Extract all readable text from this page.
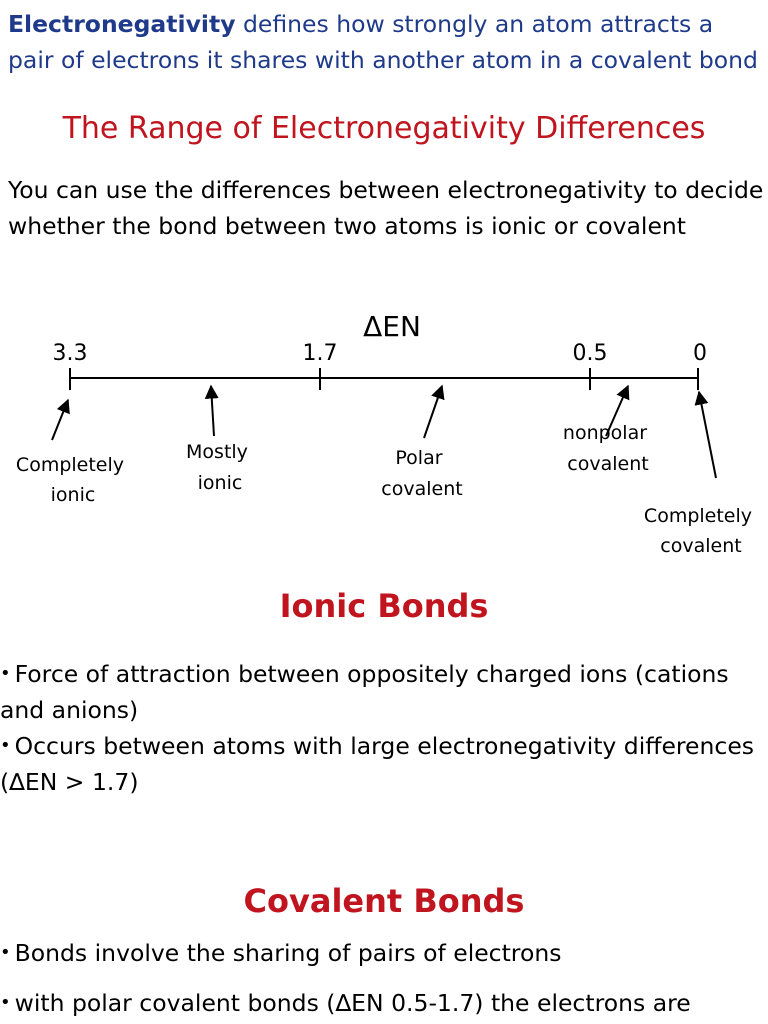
Electronegativity defines how strongly an atom attracts a pair of electrons it shares with another atom in a covalent bond

The Range of Electronegativity Differences

You can use the differences between electronegativity to decide whether the bond between two atoms is ionic or covalent

ΔEN
3.3	1.7	0.5	0
Completely ionic
Mostly ionic
Polar covalent
nonpolar covalent
Completely covalent
Ionic Bonds

• Force of attraction between oppositely charged ions (cations and anions)

• Occurs between atoms with large electronegativity differences (∆EN > 1.7)

Covalent Bonds

• Bonds involve the sharing of pairs of electrons

• with polar covalent bonds (∆EN 0.5-1.7) the electrons are
